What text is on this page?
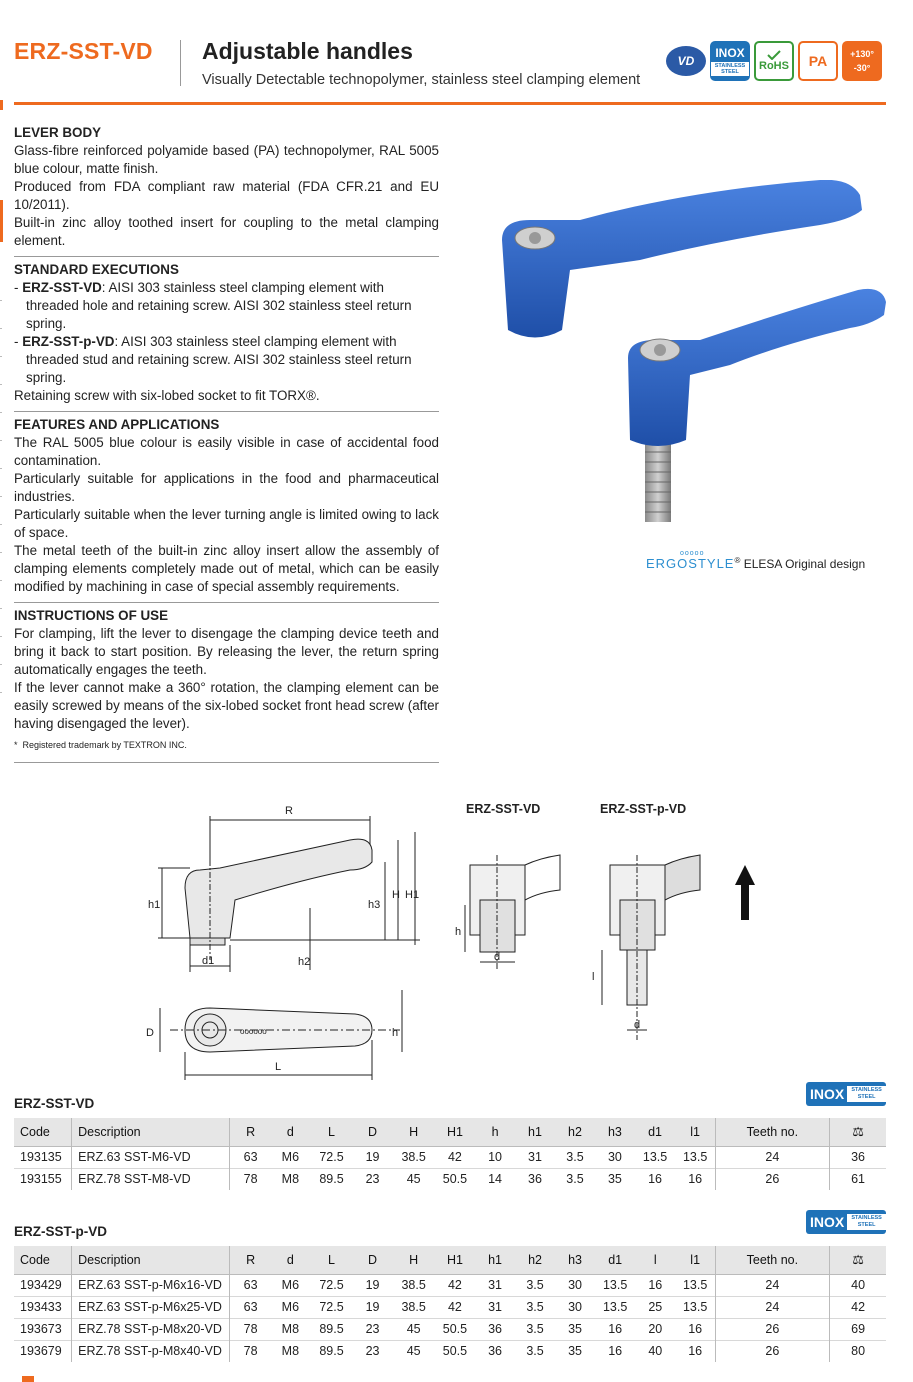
ERZ-SST-VD Adjustable handles
Visually Detectable technopolymer, stainless steel clamping element
VD
INOX
STAINLESS STEEL	RoHS PA	+130°
-30°
LEVER BODY
Glass-fibre reinforced polyamide based (PA) technopolymer, RAL 5005 blue colour, matte finish.
Produced from FDA compliant raw material (FDA CFR.21 and EU 10/2011).
Built-in zinc alloy toothed insert for coupling to the metal clamping element.
STANDARD EXECUTIONS
- ERZ-SST-VD: AISI 303 stainless steel clamping element with threaded hole and retaining screw. AISI 302 stainless steel return spring.
- ERZ-SST-p-VD: AISI 303 stainless steel clamping element with threaded stud and retaining screw. AISI 302 stainless steel return spring.
Retaining screw with six-lobed socket to fit TORX®.
FEATURES AND APPLICATIONS
The RAL 5005 blue colour is easily visible in case of accidental food contamination.
Particularly suitable for applications in the food and pharmaceutical industries.
Particularly suitable when the lever turning angle is limited owing to lack of space.
The metal teeth of the built-in zinc alloy insert allow the assembly of clamping elements completely made out of metal, which can be easily modified by machining in case of special assembly requirements.
INSTRUCTIONS OF USE
For clamping, lift the lever to disengage the clamping device teeth and bring it back to start position. By releasing the lever, the return spring automatically engages the teeth.
If the lever cannot make a 360° rotation, the clamping element can be easily screwed by means of the six-lobed socket front head screw (after having disengaged the lever).
* Registered trademark by TEXTRON INC.
ooooo
ERGOSTYLE® ELESA Original design
ERZ-SST-VD	ERZ-SST-p-VD
R
h1	h3
H H1
d1	h2
D
L
h
oooooo
h
d
l
d
INOX	STAINLESS STEEL
ERZ-SST-VD
Code	Description	R	d	L	D	H	H1	h	h1	h2	h3	d1	l1	Teeth no.	⚖
193135	ERZ.63 SST-M6-VD	63	M6	72.5	19	38.5	42	10	31	3.5	30	13.5	13.5	24	36
193155	ERZ.78 SST-M8-VD	78	M8	89.5	23	45	50.5	14	36	3.5	35	16	16	26	61
INOX	STAINLESS STEEL
ERZ-SST-p-VD
Code	Description	R	d	L	D	H	H1	h1	h2	h3	d1	l	l1	Teeth no.	⚖
193429	ERZ.63 SST-p-M6x16-VD	63	M6	72.5	19	38.5	42	31	3.5	30	13.5	16	13.5	24	40
193433	ERZ.63 SST-p-M6x25-VD	63	M6	72.5	19	38.5	42	31	3.5	30	13.5	25	13.5	24	42
193673	ERZ.78 SST-p-M8x20-VD	78	M8	89.5	23	45	50.5	36	3.5	35	16	20	16	26	69
193679	ERZ.78 SST-p-M8x40-VD	78	M8	89.5	23	45	50.5	36	3.5	35	16	40	16	26	80
